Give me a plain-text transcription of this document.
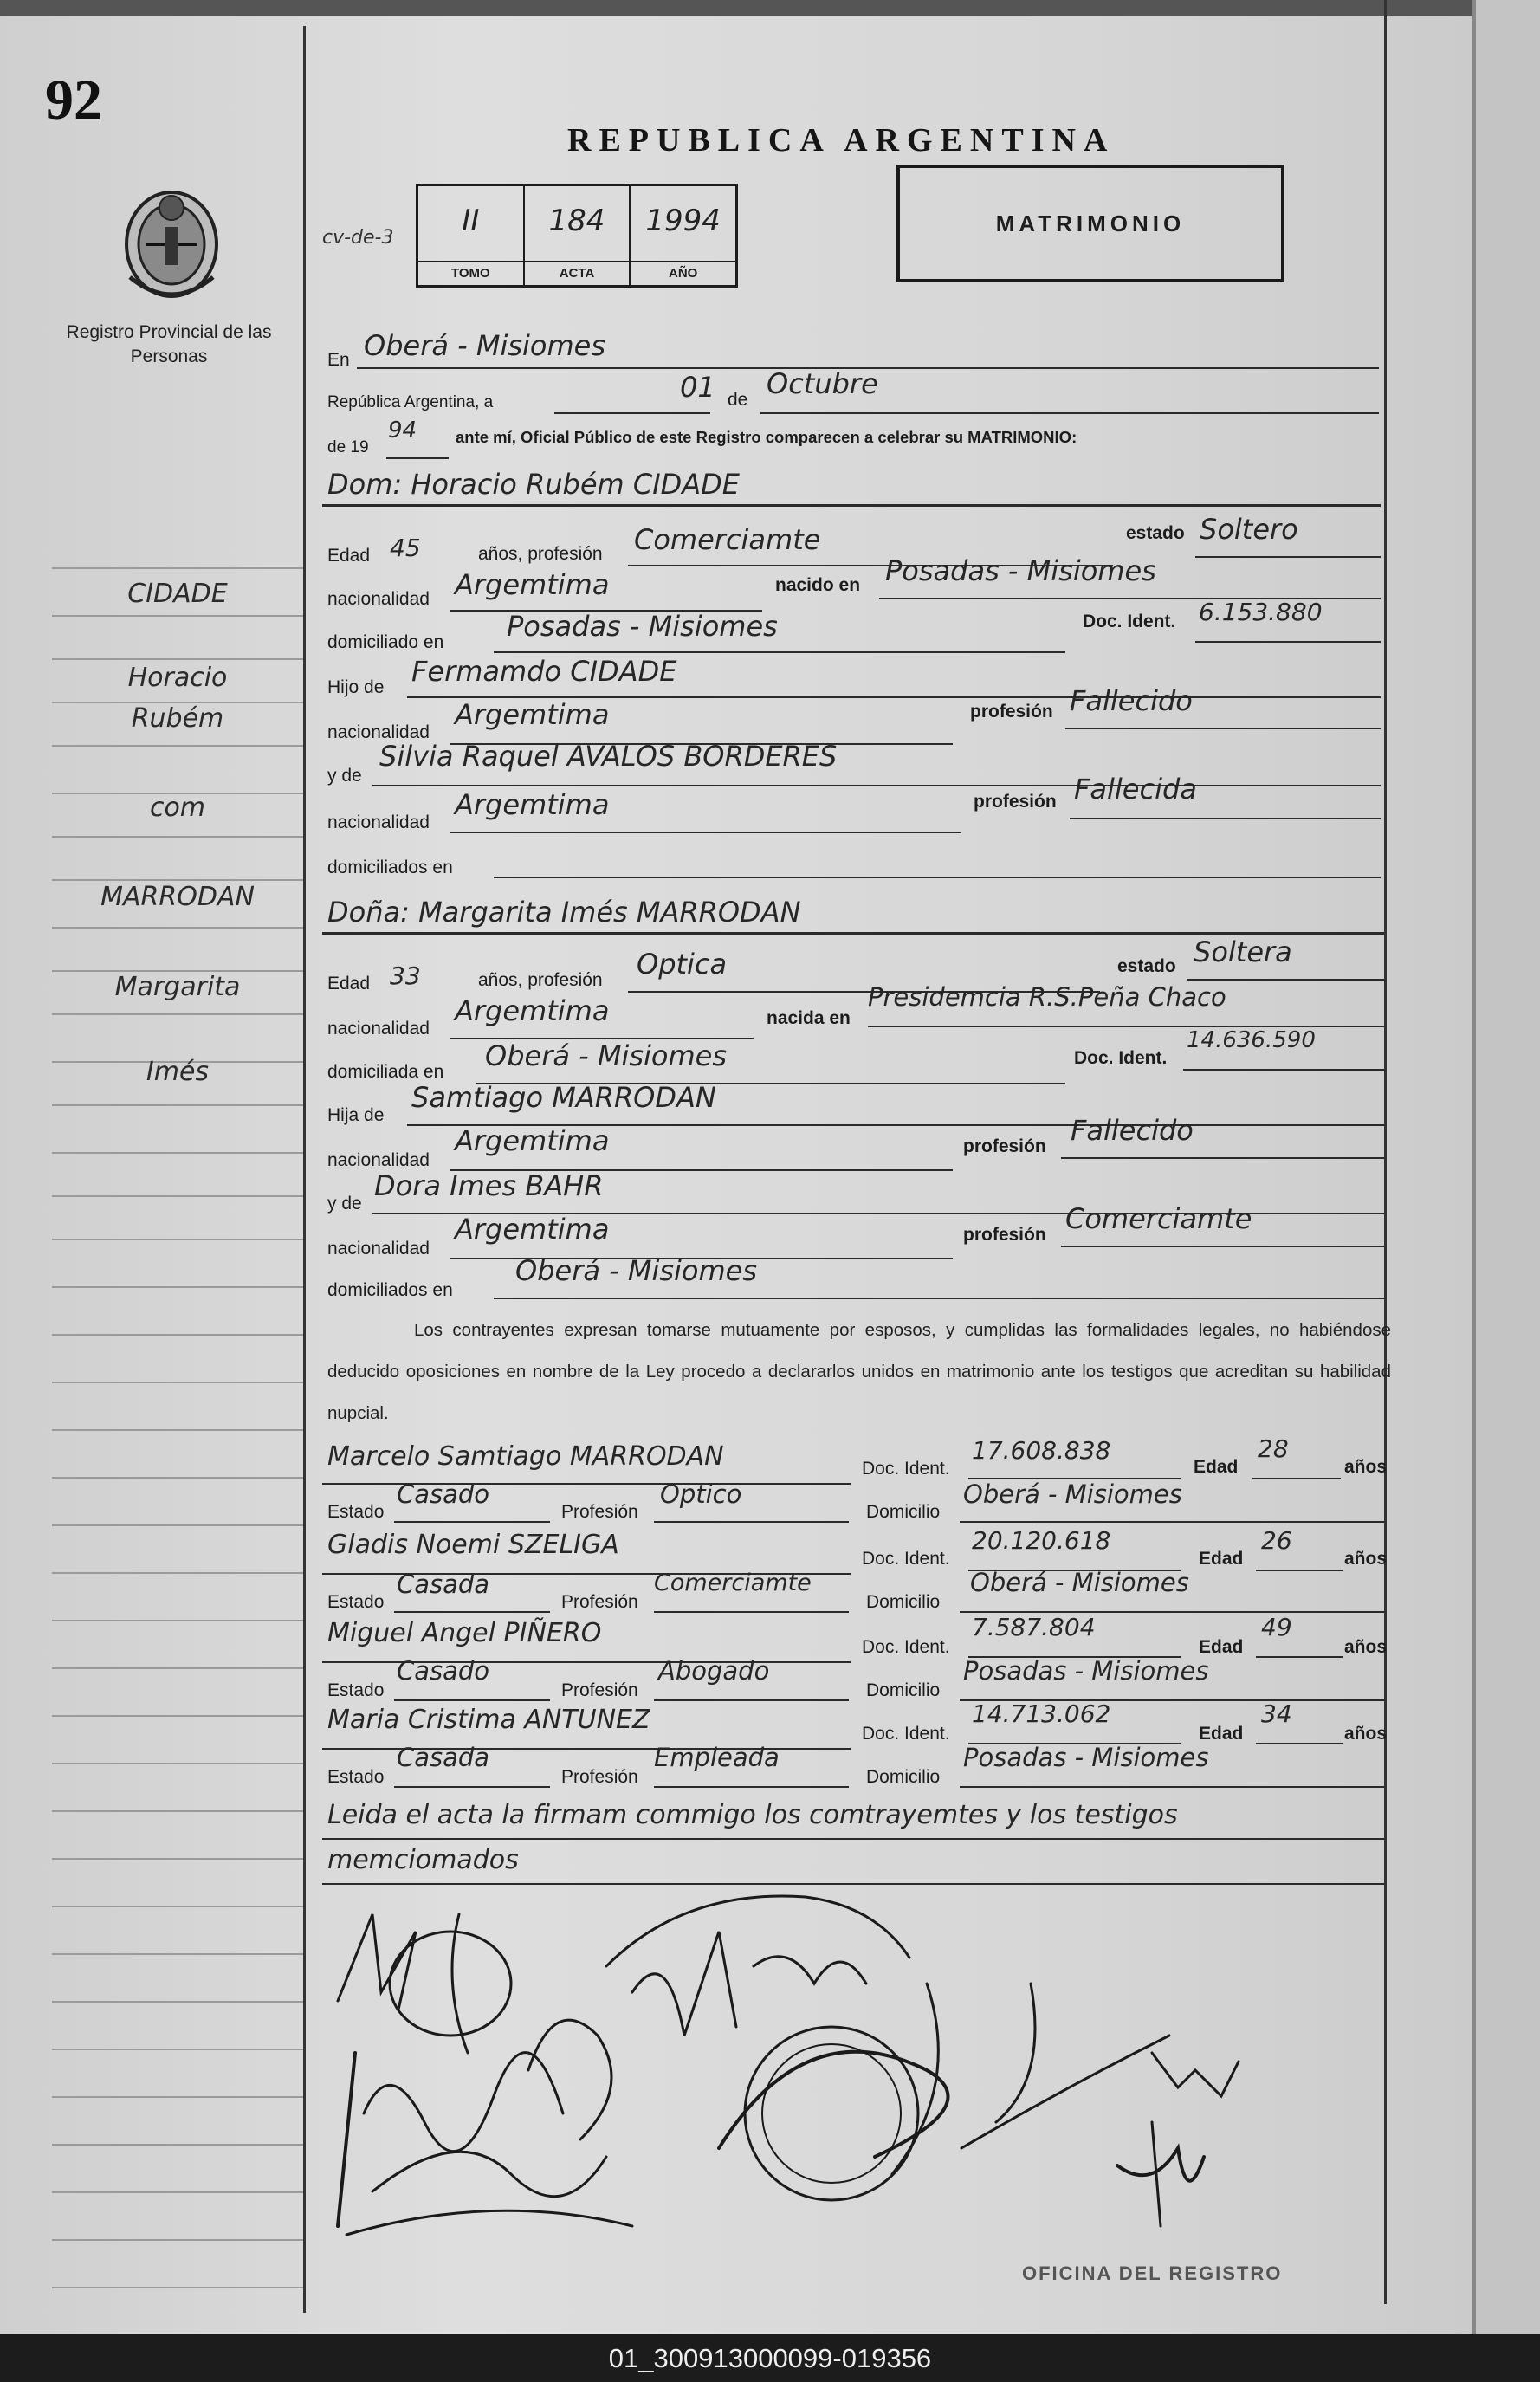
92
Registro Provincial de las Personas
REPUBLICA ARGENTINA
cv-de-3	II
TOMO
184
ACTA
1994
AÑO
MATRIMONIO
CIDADE
Horacio
Rubém
com
MARRODAN
Margarita
Imés
En Oberá - Misiomes
República Argentina, a	01 de Octubre
de 19
94 ante mí, Oficial Público de este Registro comparecen a celebrar su MATRIMONIO:
Dom: Horacio Rubém CIDADE
Edad 45	años, profesión Comerciamte	estado Soltero
nacionalidad Argemtima	nacido en Posadas - Misiomes
domiciliado en Posadas - Misiomes	Doc. Ident. 6.153.880
Hijo de Fermamdo CIDADE
nacionalidad
Argemtima	profesión Fallecido
y de
Silvia Raquel AVALOS BORDERES
nacionalidad
Argemtima	profesión Fallecida
domiciliados en
Doña: Margarita Imés MARRODAN
Edad 33	años, profesión Optica	estado Soltera
nacionalidad
Argemtima	nacida en
Presidemcia R.S.Peña Chaco
domiciliada en Oberá - Misiomes	Doc. Ident.
14.636.590
Hija de
Samtiago MARRODAN
nacionalidad
Argemtima	profesión Fallecido
y de
Dora Imes BAHR
nacionalidad
Argemtima	profesión Comerciamte
domiciliados en
Oberá - Misiomes
Los contrayentes expresan tomarse mutuamente por esposos, y cumplidas las formalidades legales, no habiéndose deducido oposiciones en nombre de la Ley procedo a declararlos unidos en matrimonio ante los testigos que acreditan su habilidad nupcial.
Marcelo Samtiago MARRODAN	Doc. Ident.
17.608.838
Edad
28
años
Estado
Casado
Profesión
Optico
Domicilio
Oberá - Misiomes
Gladis Noemi SZELIGA	Doc. Ident.
20.120.618
Edad
26
años
Estado
Casada
Profesión
Comerciamte
Domicilio
Oberá - Misiomes
Miguel Angel PIÑERO	Doc. Ident.
7.587.804
Edad
49
años
Estado
Casado
Profesión
Abogado
Domicilio
Posadas - Misiomes
Maria Cristima ANTUNEZ	Doc. Ident.
14.713.062
Edad
34
años
Estado
Casada
Profesión
Empleada
Domicilio
Posadas - Misiomes
Leida el acta la firmam commigo los comtrayemtes y los testigos memciomados
OFICINA DEL REGISTRO
01_300913000099-019356
